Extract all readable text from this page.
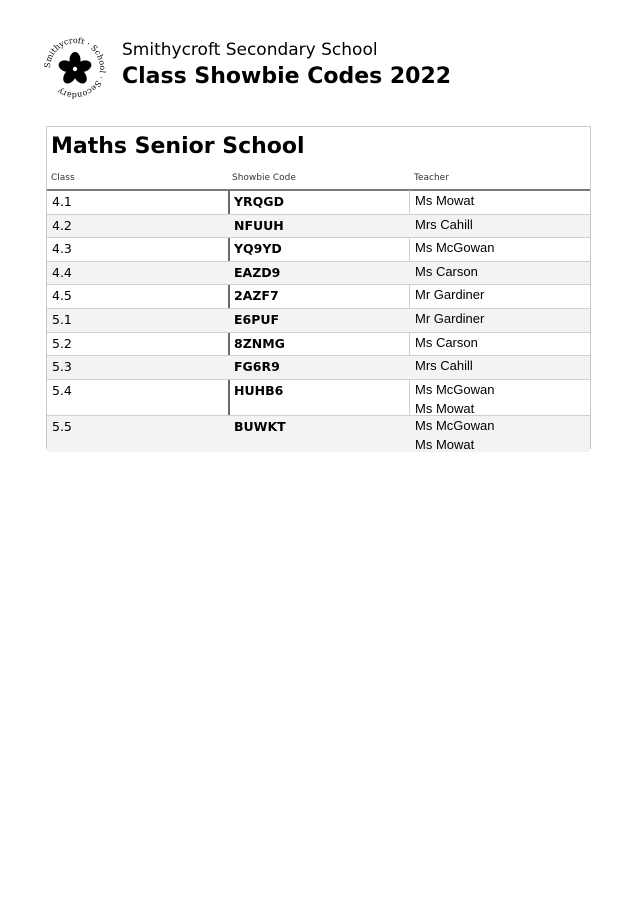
mithycroft · Scho l · Secondary
Smithycroft Secondary School
Class Showbie Codes 2022
Maths Senior School
Class	Showbie Code	Teacher
4.1	YRQGD	Ms Mowat
4.2	NFUUH	Mrs Cahill
4.3	YQ9YD	Ms McGowan
4.4	EAZD9	Ms Carson
4.5	2AZF7	Mr Gardiner
5.1	E6PUF	Mr Gardiner
5.2	8ZNMG	Ms Carson
5.3	FG6R9	Mrs Cahill
5.4	HUHB6	Ms McGowan
Ms Mowat
5.5	BUWKT	Ms McGowan
Ms Mowat
